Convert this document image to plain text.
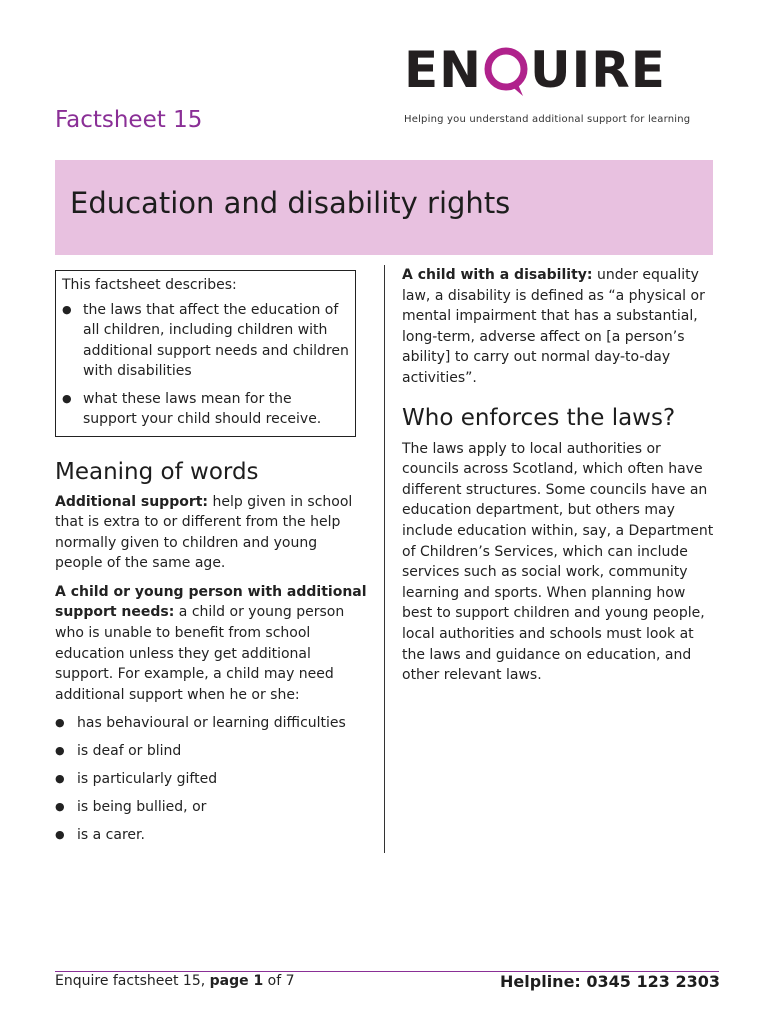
EN UIRE
Helping you understand additional support for learning
Factsheet 15
Education and disability rights
This factsheet describes:
● the laws that affect the education of all children, including children with additional support needs and children with disabilities
● what these laws mean for the support your child should receive.
Meaning of words

Additional support: help given in school that is extra to or different from the help normally given to children and young people of the same age.

A child or young person with additional support needs: a child or young person who is unable to benefit from school education unless they get additional support. For example, a child may need additional support when he or she:

● has behavioural or learning difficulties
● is deaf or blind
● is particularly gifted
● is being bullied, or
● is a carer.

A child with a disability: under equality law, a disability is defined as “a physical or mental impairment that has a substantial, long-term, adverse affect on [a person’s ability] to carry out normal day-to-day activities”.

Who enforces the laws?

The laws apply to local authorities or councils across Scotland, which often have different structures. Some councils have an education department, but others may include education within, say, a Department of Children’s Services, which can include services such as social work, community learning and sports. When planning how best to support children and young people, local authorities and schools must look at the laws and guidance on education, and other relevant laws.

Enquire factsheet 15, page 1 of 7	Helpline: 0345 123 2303
